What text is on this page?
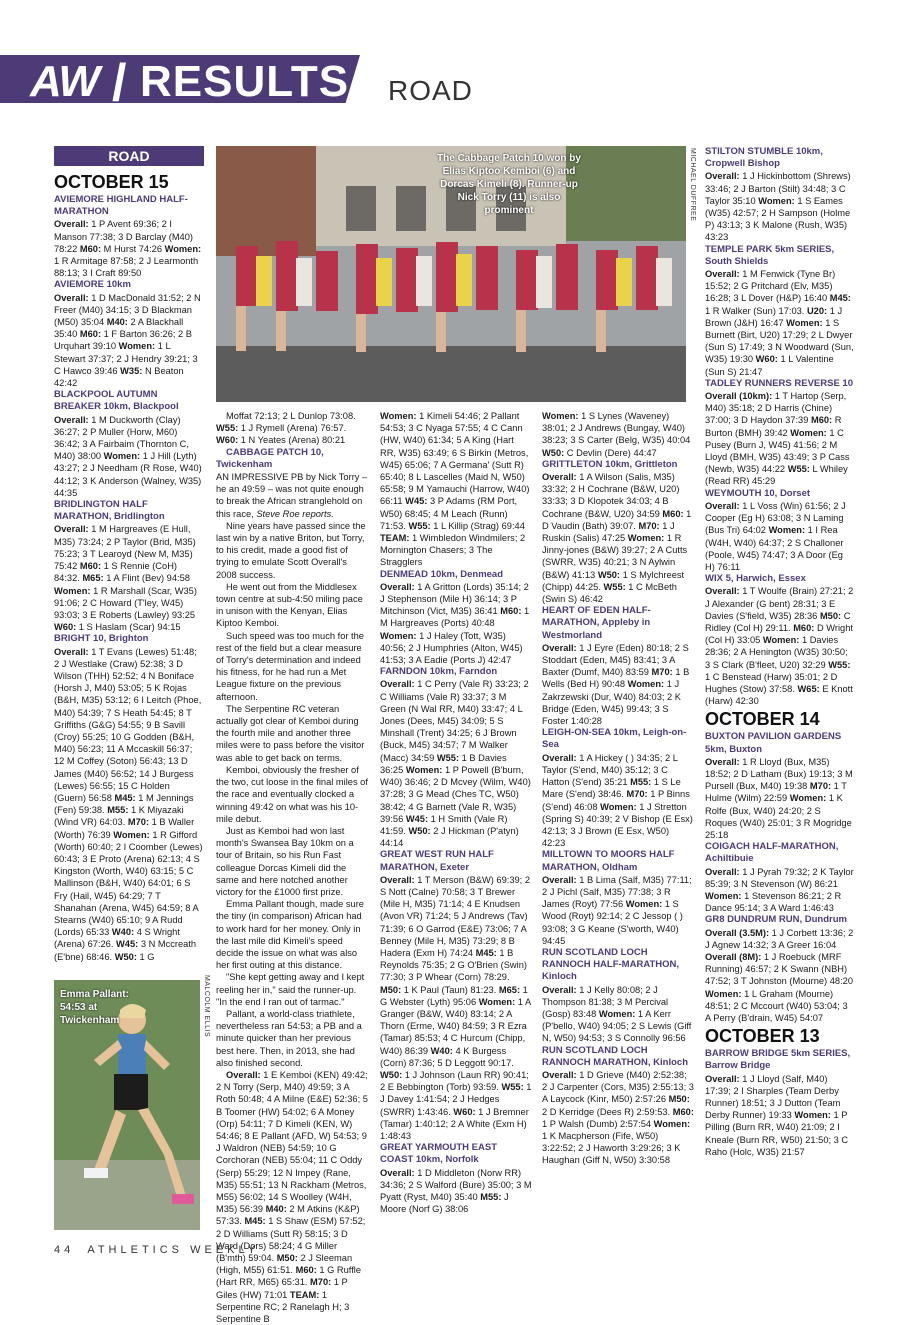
AW / RESULTS ROAD
ROAD
OCTOBER 15

AVIEMORE HIGHLAND HALF-MARATHON

Overall: 1 P Avent 69:36; 2 I Manson 77:38; 3 D Barclay (M40) 78:22 M60: M Hurst 74:26 Women: 1 R Armitage 87:58; 2 J Learmonth 88:13; 3 I Craft 89:50

AVIEMORE 10km

Overall: 1 D MacDonald 31:52; 2 N Freer (M40) 34:15; 3 D Blackman (M50) 35:04 M40: 2 A Blackhall 35:40 M60: 1 F Barton 36:26; 2 B Urquhart 39:10 Women: 1 L Stewart 37:37; 2 J Hendry 39:21; 3 C Hawco 39:46 W35: N Beaton 42:42

BLACKPOOL AUTUMN BREAKER 10km, Blackpool

Overall: 1 M Duckworth (Clay) 36:27; 2 P Muller (Horw, M60) 36:42; 3 A Fairbaim (Thornton C, M40) 38:00 Women: 1 J Hill (Lyth) 43:27; 2 J Needham (R Rose, W40) 44:12; 3 K Anderson (Walney, W35) 44:35

BRIDLINGTON HALF MARATHON, Bridlington

Overall: 1 M Hargreaves (E Hull, M35) 73:24; 2 P Taylor (Brid, M35) 75:23; 3 T Learoyd (New M, M35) 75:42 M60: 1 S Rennie (CoH) 84:32. M65: 1 A Flint (Bev) 94:58 Women: 1 R Marshall (Scar, W35) 91:06; 2 C Howard (T'ley, W45) 93:03; 3 E Roberts (Lawley) 93:25 W60: 1 S Haslam (Scar) 94:15

BRIGHT 10, Brighton

Overall: 1 T Evans (Lewes) 51:48; 2 J Westlake (Craw) 52:38; 3 D Wilson (THH) 52:52; 4 N Boniface (Horsh J, M40) 53:05; 5 K Rojas (B&H, M35) 53:12; 6 I Leitch (Phoe, M40) 54:39; 7 S Heath 54:45; 8 T Griffiths (G&G) 54:55; 9 B Savill (Croy) 55:25; 10 G Godden (B&H, M40) 56:23; 11 A Mccaskill 56:37; 12 M Coffey (Soton) 56:43; 13 D James (M40) 56:52; 14 J Burgess (Lewes) 56:55; 15 C Holden (Guern) 56:58 M45: 1 M Jennings (Fen) 59:38. M55: 1 K Miyazaki (Wind VR) 64:03. M70: 1 B Waller (Worth) 76:39 Women: 1 R Gifford (Worth) 60:40; 2 I Coomber (Lewes) 60:43; 3 E Proto (Arena) 62:13; 4 S Kingston (Worth, W40) 63:15; 5 C Mallinson (B&H, W40) 64:01; 6 S Fry (Hail, W45) 64:29; 7 T Shanahan (Arena, W45) 64:59; 8 A Stearns (W40) 65:10; 9 A Rudd (Lords) 65:33 W40: 4 S Wright (Arena) 67:26. W45: 3 N Mccreath (E'bne) 68:46. W50: 1 G

The Cabbage Patch 10 won by Elias Kiptoo Kemboi (6) and Dorcas Kimeli (8). Runner-up Nick Torry (11) is also prominent	MICHAEL DUFFREE

Moffat 72:13; 2 L Dunlop 73:08. W55: 1 J Rymell (Arena) 76:57. W60: 1 N Yeates (Arena) 80:21

CABBAGE PATCH 10, Twickenham

AN IMPRESSIVE PB by Nick Torry – he an 49:59 – was not quite enough to break the African stranglehold on this race, Steve Roe reports.

Nine years have passed since the last win by a native Briton, but Torry, to his credit, made a good fist of trying to emulate Scott Overall's 2008 success.

He went out from the Middlesex town centre at sub-4:50 miling pace in unison with the Kenyan, Elias Kiptoo Kemboi.

Such speed was too much for the rest of the field but a clear measure of Torry's determination and indeed his fitness, for he had run a Met League fixture on the previous afternoon.

The Serpentine RC veteran actually got clear of Kemboi during the fourth mile and another three miles were to pass before the visitor was able to get back on terms.

Kemboi, obviously the fresher of the two, cut loose in the final miles of the race and eventually clocked a winning 49:42 on what was his 10-mile debut.

Just as Kemboi had won last month's Swansea Bay 10km on a tour of Britain, so his Run Fast colleague Dorcas Kimeli did the same and here notched another victory for the £1000 first prize.

Emma Pallant though, made sure the tiny (in comparison) African had to work hard for her money. Only in the last mile did Kimeli's speed decide the issue on what was also her first outing at this distance.

"She kept getting away and I kept reeling her in," said the runner-up. "In the end I ran out of tarmac."

Pallant, a world-class triathlete, nevertheless ran 54:53; a PB and a minute quicker than her previous best here. Then, in 2013, she had also finished second.

Overall: 1 E Kemboi (KEN) 49:42; 2 N Torry (Serp, M40) 49:59; 3 A Roth 50:48; 4 A Milne (E&E) 52:36; 5 B Toomer (HW) 54:02; 6 A Money (Orp) 54:11; 7 D Kimeli (KEN, W) 54:46; 8 E Pallant (AFD, W) 54:53; 9 J Waldron (NEB) 54:59; 10 G Corchoran (NEB) 55:04; 11 C Oddy (Serp) 55:29; 12 N Impey (Rane, M35) 55:51; 13 N Rackham (Metros, M55) 56:02; 14 S Woolley (W4H, M35) 56:39 M40: 2 M Atkins (K&P) 57:33. M45: 1 S Shaw (ESM) 57:52; 2 D Williams (Sutt R) 58:15; 3 D Ward (Dors) 58:24; 4 G Miller (B'mth) 59:04. M50: 2 J Sleeman (High, M55) 61:51. M60: 1 G Ruffle (Hart RR, M65) 65:31. M70: 1 P Giles (HW) 71:01 TEAM: 1 Serpentine RC; 2 Ranelagh H; 3 Serpentine B

Women: 1 Kimeli 54:46; 2 Pallant 54:53; 3 C Nyaga 57:55; 4 C Cann (HW, W40) 61:34; 5 A King (Hart RR, W35) 63:49; 6 S Birkin (Metros, W45) 65:06; 7 A Germana' (Sutt R) 65:40; 8 L Lascelles (Maid N, W50) 65:58; 9 M Yamauchi (Harrow, W40) 66:11 W45: 3 P Adams (RM Port, W50) 68:45; 4 M Leach (Runn) 71:53. W55: 1 L Killip (Strag) 69:44 TEAM: 1 Wimbledon Windmilers; 2 Mornington Chasers; 3 The Stragglers

DENMEAD 10km, Denmead

Overall: 1 A Gritton (Lords) 35:14; 2 J Stephenson (Mile H) 36:14; 3 P Mitchinson (Vict, M35) 36:41 M60: 1 M Hargreaves (Ports) 40:48 Women: 1 J Haley (Tott, W35) 40:56; 2 J Humphries (Alton, W45) 41:53; 3 A Eadie (Ports J) 42:47

FARNDON 10km, Farndon

Overall: 1 C Perry (Vale R) 33:23; 2 C Williams (Vale R) 33:37; 3 M Green (N Wal RR, M40) 33:47; 4 L Jones (Dees, M45) 34:09; 5 S Minshall (Trent) 34:25; 6 J Brown (Buck, M45) 34:57; 7 M Walker (Macc) 34:59 W55: 1 B Davies 36:25 Women: 1 P Powell (B'burn, W40) 36:46; 2 D Mcvey (Wilm, W40) 37:28; 3 G Mead (Ches TC, W50) 38:42; 4 G Barnett (Vale R, W35) 39:56 W45: 1 H Smith (Vale R) 41:59. W50: 2 J Hickman (P'atyn) 44:14

GREAT WEST RUN HALF MARATHON, Exeter

Overall: 1 T Merson (B&W) 69:39; 2 S Nott (Calne) 70:58; 3 T Brewer (Mile H, M35) 71:14; 4 E Knudsen (Avon VR) 71:24; 5 J Andrews (Tav) 71:39; 6 O Garrod (E&E) 73:06; 7 A Benney (Mile H, M35) 73:29; 8 B Hadera (Exm H) 74:24 M45: 1 B Reynolds 75:35; 2 G O'Brien (Swin) 77:30; 3 P Whear (Corn) 78:29. M50: 1 K Paul (Taun) 81:23. M65: 1 G Webster (Lyth) 95:06 Women: 1 A Granger (B&W, W40) 83:14; 2 A Thorn (Erme, W40) 84:59; 3 R Ezra (Tamar) 85:53; 4 C Hurcum (Chipp, W40) 86:39 W40: 4 K Burgess (Corn) 87:36; 5 D Leggott 90:17. W50: 1 J Johnson (Laun RR) 90:41; 2 E Bebbington (Torb) 93:59. W55: 1 J Davey 1:41:54; 2 J Hedges (SWRR) 1:43:46. W60: 1 J Bremner (Tamar) 1:40:12; 2 A White (Exm H) 1:48:43

GREAT YARMOUTH EAST COAST 10km, Norfolk

Overall: 1 D Middleton (Norw RR) 34:36; 2 S Walford (Bure) 35:00; 3 M Pyatt (Ryst, M40) 35:40 M55: J Moore (Norf G) 38:06

Women: 1 S Lynes (Waveney) 38:01; 2 J Andrews (Bungay, W40) 38:23; 3 S Carter (Belg, W35) 40:04 W50: C Devlin (Dere) 44:47

GRITTLETON 10km, Grittleton

Overall: 1 A Wilson (Salis, M35) 33:32; 2 H Cochrane (B&W, U20) 33:33; 3 D Klopotek 34:03; 4 B Cochrane (B&W, U20) 34:59 M60: 1 D Vaudin (Bath) 39:07. M70: 1 J Ruskin (Salis) 47:25 Women: 1 R Jinny-jones (B&W) 39:27; 2 A Cutts (SWRR, W35) 40:21; 3 N Aylwin (B&W) 41:13 W50: 1 S Mylchreest (Chipp) 44:25. W55: 1 C McBeth (Swin S) 46:42

HEART OF EDEN HALF-MARATHON, Appleby in Westmorland

Overall: 1 J Eyre (Eden) 80:18; 2 S Stoddart (Eden, M45) 83:41; 3 A Baxter (Dumf, M40) 83:59 M70: 1 B Wells (Bed H) 90:48 Women: 1 J Zakrzewski (Dur, W40) 84:03; 2 K Bridge (Eden, W45) 99:43; 3 S Foster 1:40:28

LEIGH-ON-SEA 10km, Leigh-on-Sea

Overall: 1 A Hickey ( ) 34:35; 2 L Taylor (S'end, M40) 35:12; 3 C Hatton (S'end) 35:21 M55: 1 S Le Mare (S'end) 38:46. M70: 1 P Binns (S'end) 46:08 Women: 1 J Stretton (Spring S) 40:39; 2 V Bishop (E Esx) 42:13; 3 J Brown (E Esx, W50) 42:23

MILLTOWN TO MOORS HALF MARATHON, Oldham

Overall: 1 B Lima (Salf, M35) 77:11; 2 J Pichl (Salf, M35) 77:38; 3 R James (Royt) 77:56 Women: 1 S Wood (Royt) 92:14; 2 C Jessop ( ) 93:08; 3 G Keane (S'worth, W40) 94:45

RUN SCOTLAND LOCH RANNOCH HALF-MARATHON, Kinloch

Overall: 1 J Kelly 80:08; 2 J Thompson 81:38; 3 M Percival (Gosp) 83:48 Women: 1 A Kerr (P'bello, W40) 94:05; 2 S Lewis (Giff N, W50) 94:53; 3 S Connolly 96:56

RUN SCOTLAND LOCH RANNOCH MARATHON, Kinloch

Overall: 1 D Grieve (M40) 2:52:38; 2 J Carpenter (Cors, M35) 2:55:13; 3 A Laycock (Kinr, M50) 2:57:26 M50: 2 D Kerridge (Dees R) 2:59:53. M60: 1 P Walsh (Dumb) 2:57:54 Women: 1 K Macpherson (Fife, W50) 3:22:52; 2 J Haworth 3:29:26; 3 K Haughan (Giff N, W50) 3:30:58

STILTON STUMBLE 10km, Cropwell Bishop

Overall: 1 J Hickinbottom (Shrews) 33:46; 2 J Barton (Stilt) 34:48; 3 C Taylor 35:10 Women: 1 S Eames (W35) 42:57; 2 H Sampson (Holme P) 43:13; 3 K Malone (Rush, W35) 43:23

TEMPLE PARK 5km SERIES, South Shields

Overall: 1 M Fenwick (Tyne Br) 15:52; 2 G Pritchard (Elv, M35) 16:28; 3 L Dover (H&P) 16:40 M45: 1 R Walker (Sun) 17:03. U20: 1 J Brown (J&H) 16:47 Women: 1 S Burnett (Birt, U20) 17:29; 2 L Dwyer (Sun S) 17:49; 3 N Woodward (Sun, W35) 19:30 W60: 1 L Valentine (Sun S) 21:47

TADLEY RUNNERS REVERSE 10

Overall (10km): 1 T Hartop (Serp, M40) 35:18; 2 D Harris (Chine) 37:00; 3 D Haydon 37:39 M60: R Burton (BMH) 39:42 Women: 1 C Pusey (Burn J, W45) 41:56; 2 M Lloyd (BMH, W35) 43:49; 3 P Cass (Newb, W35) 44:22 W55: L Whiley (Read RR) 45:29

WEYMOUTH 10, Dorset

Overall: 1 L Voss (Win) 61:56; 2 J Cooper (Eg H) 63:08; 3 N Laming (Bus Tri) 64:02 Women: 1 I Rea (W4H, W40) 64:37; 2 S Challoner (Poole, W45) 74:47; 3 A Door (Eg H) 76:11

WIX 5, Harwich, Essex

Overall: 1 T Woulfe (Brain) 27:21; 2 J Alexander (G bent) 28:31; 3 E Davies (S'field, W35) 28:36 M50: C Ridley (Col H) 29:11. M60: D Wright (Col H) 33:05 Women: 1 Davies 28:36; 2 A Henington (W35) 30:50; 3 S Clark (B'fleet, U20) 32:29 W55: 1 C Benstead (Harw) 35:01; 2 D Hughes (Stow) 37:58. W65: E Knott (Harw) 42:30

OCTOBER 14

BUXTON PAVILION GARDENS 5km, Buxton

Overall: 1 R Lloyd (Bux, M35) 18:52; 2 D Latham (Bux) 19:13; 3 M Pursell (Bux, M40) 19:38 M70: 1 T Hulme (Wilm) 22:59 Women: 1 K Rolfe (Bux, W40) 24:20; 2 S Roques (W40) 25:01; 3 R Mogridge 25:18

COIGACH HALF-MARATHON, Achiltibuie

Overall: 1 J Pyrah 79:32; 2 K Taylor 85:39; 3 N Stevenson (W) 86:21 Women: 1 Stevenson 86:21; 2 R Dance 95:14; 3 A Ward 1:46:43

GR8 DUNDRUM RUN, Dundrum

Overall (3.5M): 1 J Corbett 13:36; 2 J Agnew 14:32; 3 A Greer 16:04 Overall (8M): 1 J Roebuck (MRF Running) 46:57; 2 K Swann (NBH) 47:52; 3 T Johnston (Mourne) 48:20 Women: 1 L Graham (Mourne) 48:51; 2 C Mccourt (W40) 53:04; 3 A Perry (B'drain, W45) 54:07

OCTOBER 13

BARROW BRIDGE 5km SERIES, Barrow Bridge

Overall: 1 J Lloyd (Salf, M40) 17:39; 2 I Sharples (Team Derby Runner) 18:51; 3 J Dutton (Team Derby Runner) 19:33 Women: 1 P Pilling (Burn RR, W40) 21:09; 2 I Kneale (Burn RR, W50) 21:50; 3 C Raho (Holc, W35) 21:57

Emma Pallant: 54:53 at Twickenham	MALCOLM ELLIS
44 ATHLETICS WEEKLY
